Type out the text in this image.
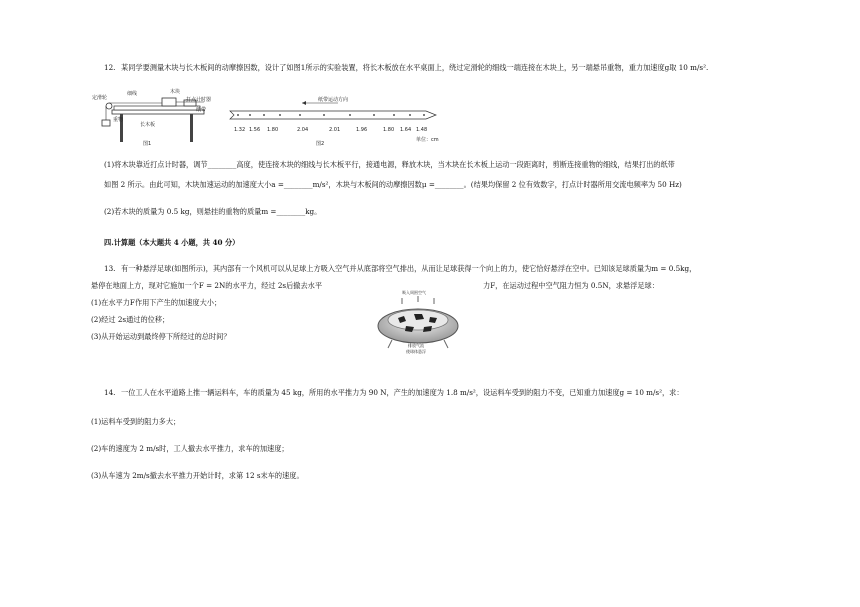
12. 某同学要测量木块与长木板间的动摩擦因数，设计了如图1所示的实验装置，将长木板放在水平桌面上，绕过定滑轮的细线一端连接在木块上，另一端悬吊重物，重力加速度g取 10 m/s².
定滑轮
细线	木块
打点计时器
纸带
重物
长木板
图1
纸带运动方向
1.32 1.56 1.80	2.04	2.01	1.96	1.80 1.64 1.48
单位：cm
图2
(1)将木块靠近打点计时器，调节________高度，使连接木块的细线与长木板平行，接通电源，释放木块，当木块在长木板上运动一段距离时，剪断连接重物的细线，结果打出的纸带
如图 2 所示。由此可知，木块加速运动的加速度大小a =________m/s²，木块与木板间的动摩擦因数μ =________。(结果均保留 2 位有效数字，打点计时器所用交流电频率为 50 Hz)
(2)若木块的质量为 0.5 kg，则悬挂的重物的质量m =________kg。
四.计算题（本大题共 4 小题，共 40 分）
13. 有一种悬浮足球(如图所示)，其内部有一个风机可以从足球上方吸入空气并从底部将空气排出，从而让足球获得一个向上的力，使它恰好悬浮在空中。已知该足球质量为m = 0.5kg，
悬停在地面上方，现对它施加一个F = 2N的水平力，经过 2s后撤去水平	力F，在运动过程中空气阻力恒为 0.5N，求悬浮足球：
(1)在水平力F作用下产生的加速度大小；
(2)经过 2s通过的位移；
(3)从开始运动到最终停下所经过的总时间？
吸入周围空气
排放气流
使球体悬浮
14. 一位工人在水平道路上推一辆运料车，车的质量为 45 kg，所用的水平推力为 90 N，产生的加速度为 1.8 m/s²，设运料车受到的阻力不变，已知重力加速度g = 10 m/s²，求：
(1)运料车受到的阻力多大；
(2)车的速度为 2 m/s时，工人撤去水平推力，求车的加速度；
(3)从车速为 2m/s撤去水平推力开始计时，求第 12 s末车的速度。
